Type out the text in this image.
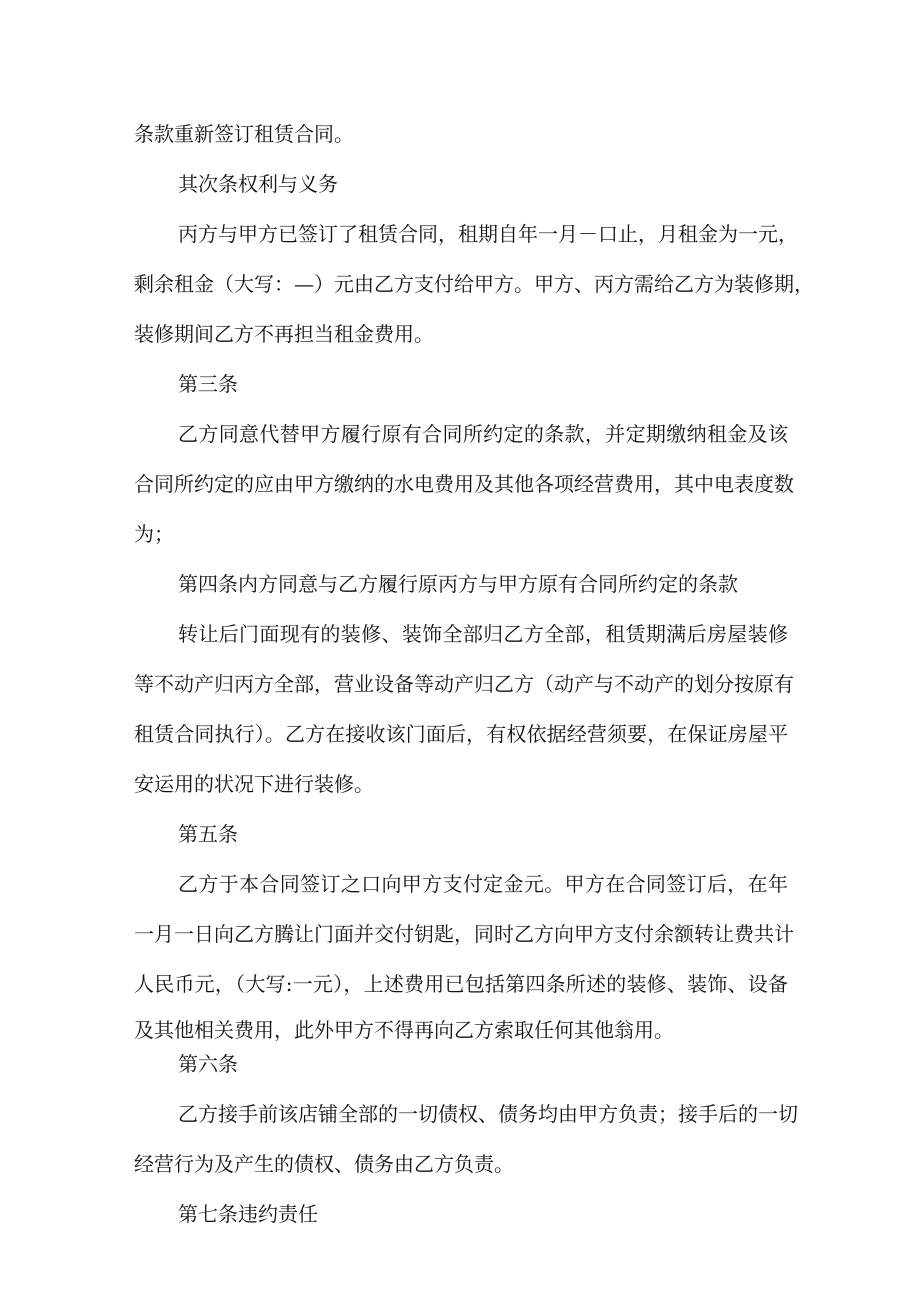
条款重新签订租赁合同。
其次条权利与义务
丙方与甲方已签订了租赁合同，租期自年一月－口止，月租金为一元，
剩余租金（大写：—）元由乙方支付给甲方。甲方、丙方需给乙方为装修期，
装修期间乙方不再担当租金费用。
第三条
乙方同意代替甲方履行原有合同所约定的条款，并定期缴纳租金及该
合同所约定的应由甲方缴纳的水电费用及其他各项经营费用，其中电表度数
为；
第四条内方同意与乙方履行原丙方与甲方原有合同所约定的条款
转让后门面现有的装修、装饰全部归乙方全部，租赁期满后房屋装修
等不动产归丙方全部，营业设备等动产归乙方（动产与不动产的划分按原有
租赁合同执行）。乙方在接收该门面后，有权依据经营须要，在保证房屋平
安运用的状况下进行装修。
第五条
乙方于本合同签订之口向甲方支付定金元。甲方在合同签订后，在年
一月一日向乙方腾让门面并交付钥匙，同时乙方向甲方支付余额转让费共计
人民币元，（大写:一元），上述费用已包括第四条所述的装修、装饰、设备
及其他相关费用，此外甲方不得再向乙方索取任何其他翁用。
第六条
乙方接手前该店铺全部的一切债权、债务均由甲方负责；接手后的一切
经营行为及产生的债权、债务由乙方负责。
第七条违约责任
